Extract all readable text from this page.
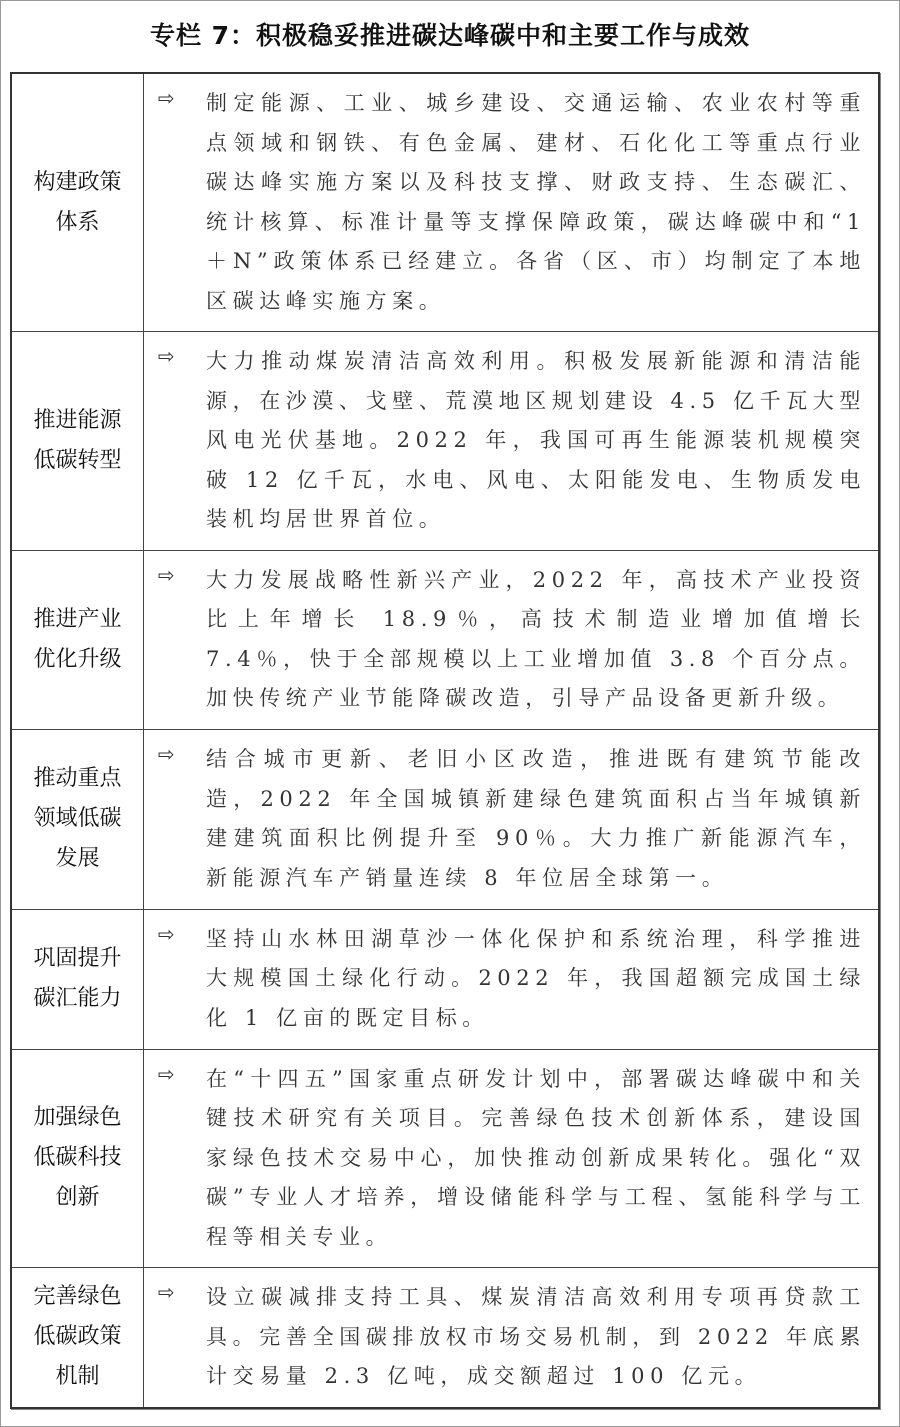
专栏 7：积极稳妥推进碳达峰碳中和主要工作与成效
构建政策体系	⇨ 制定能源、工业、城乡建设、交通运输、农业农村等重点领域和钢铁、有色金属、建材、石化化工等重点行业碳达峰实施方案以及科技支撑、财政支持、生态碳汇、统计核算、标准计量等支撑保障政策，碳达峰碳中和“1＋N”政策体系已经建立。各省（区、市）均制定了本地区碳达峰实施方案。

推进能源低碳转型	⇨ 大力推动煤炭清洁高效利用。积极发展新能源和清洁能源，在沙漠、戈壁、荒漠地区规划建设 4.5 亿千瓦大型风电光伏基地。2022 年，我国可再生能源装机规模突破 12 亿千瓦，水电、风电、太阳能发电、生物质发电装机均居世界首位。

推进产业优化升级	⇨ 大力发展战略性新兴产业，2022 年，高技术产业投资比上年增长 18.9％，高技术制造业增加值增长 7.4％，快于全部规模以上工业增加值 3.8 个百分点。加快传统产业节能降碳改造，引导产品设备更新升级。

推动重点领域低碳发展	⇨ 结合城市更新、老旧小区改造，推进既有建筑节能改造，2022 年全国城镇新建绿色建筑面积占当年城镇新建建筑面积比例提升至 90％。大力推广新能源汽车，新能源汽车产销量连续 8 年位居全球第一。

巩固提升碳汇能力	⇨ 坚持山水林田湖草沙一体化保护和系统治理，科学推进大规模国土绿化行动。2022 年，我国超额完成国土绿化 1 亿亩的既定目标。

加强绿色低碳科技创新	⇨ 在“十四五”国家重点研发计划中，部署碳达峰碳中和关键技术研究有关项目。完善绿色技术创新体系，建设国家绿色技术交易中心，加快推动创新成果转化。强化“双碳”专业人才培养，增设储能科学与工程、氢能科学与工程等相关专业。

完善绿色低碳政策机制	⇨ 设立碳减排支持工具、煤炭清洁高效利用专项再贷款工具。完善全国碳排放权市场交易机制，到 2022 年底累计交易量 2.3 亿吨，成交额超过 100 亿元。
